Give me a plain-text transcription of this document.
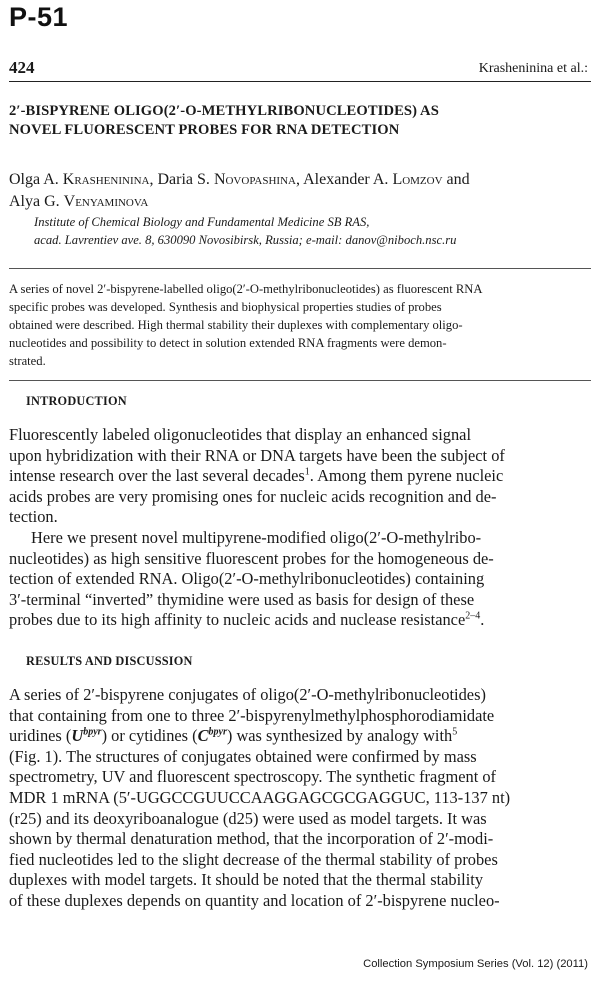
P-51
424	Krasheninina et al.:
2′-BISPYRENE OLIGO(2′-O-METHYLRIBONUCLEOTIDES) AS
NOVEL FLUORESCENT PROBES FOR RNA DETECTION
Olga A. Krasheninina, Daria S. Novopashina, Alexander A. Lomzov and
Alya G. Venyaminova
Institute of Chemical Biology and Fundamental Medicine SB RAS,
acad. Lavrentiev ave. 8, 630090 Novosibirsk, Russia; e-mail: danov@niboch.nsc.ru
A series of novel 2′-bispyrene-labelled oligo(2′-O-methylribonucleotides) as fluorescent RNA
specific probes was developed. Synthesis and biophysical properties studies of probes
obtained were described. High thermal stability their duplexes with complementary oligo-
nucleotides and possibility to detect in solution extended RNA fragments were demon-
strated.
INTRODUCTION
Fluorescently labeled oligonucleotides that display an enhanced signal
upon hybridization with their RNA or DNA targets have been the subject of
intense research over the last several decades$^1$. Among them pyrene nucleic
acids probes are very promising ones for nucleic acids recognition and de-
tection.
Here we present novel multipyrene-modified oligo(2′-O-methylribo-
nucleotides) as high sensitive fluorescent probes for the homogeneous de-
tection of extended RNA. Oligo(2′-O-methylribonucleotides) containing
3′-terminal “inverted” thymidine were used as basis for design of these
probes due to its high affinity to nucleic acids and nuclease resistance$^{2-4}$.
RESULTS AND DISCUSSION
A series of 2′-bispyrene conjugates of oligo(2′-O-methylribonucleotides)
that containing from one to three 2′-bispyrenylmethylphosphorodiamidate
uridines $(U^{bpyr})$ or cytidines $(C^{bpyr})$ was synthesized by analogy with$^5$
(Fig. 1). The structures of conjugates obtained were confirmed by mass
spectrometry, UV and fluorescent spectroscopy. The synthetic fragment of
MDR 1 mRNA (5′-UGGCCGUUCCAAGGAGCGCGAGGUC, 113-137 nt)
(r25) and its deoxyriboanalogue (d25) were used as model targets. It was
shown by thermal denaturation method, that the incorporation of 2′-modi-
fied nucleotides led to the slight decrease of the thermal stability of probes
duplexes with model targets. It should be noted that the thermal stability
of these duplexes depends on quantity and location of 2′-bispyrene nucleo-
Collection Symposium Series (Vol. 12) (2011)
